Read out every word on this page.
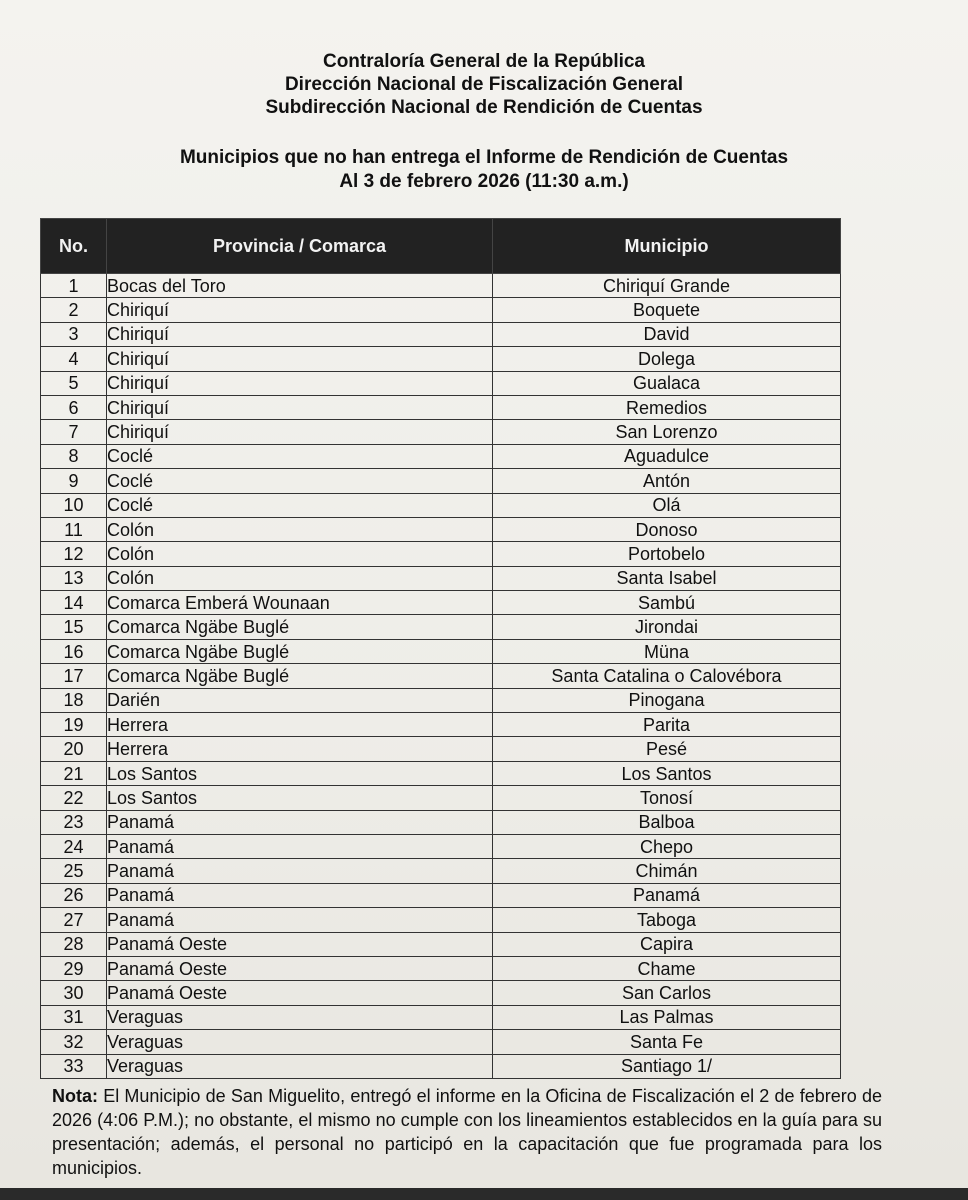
Contraloría General de la República
Dirección Nacional de Fiscalización General
Subdirección Nacional de Rendición de Cuentas
Municipios que no han entrega el Informe de Rendición de Cuentas
Al 3 de febrero 2026 (11:30 a.m.)
No.	Provincia / Comarca	Municipio
1	Bocas del Toro	Chiriquí Grande
2	Chiriquí	Boquete
3	Chiriquí	David
4	Chiriquí	Dolega
5	Chiriquí	Gualaca
6	Chiriquí	Remedios
7	Chiriquí	San Lorenzo
8	Coclé	Aguadulce
9	Coclé	Antón
10	Coclé	Olá
11	Colón	Donoso
12	Colón	Portobelo
13	Colón	Santa Isabel
14	Comarca Emberá Wounaan	Sambú
15	Comarca Ngäbe Buglé	Jirondai
16	Comarca Ngäbe Buglé	Müna
17	Comarca Ngäbe Buglé	Santa Catalina o Calovébora
18	Darién	Pinogana
19	Herrera	Parita
20	Herrera	Pesé
21	Los Santos	Los Santos
22	Los Santos	Tonosí
23	Panamá	Balboa
24	Panamá	Chepo
25	Panamá	Chimán
26	Panamá	Panamá
27	Panamá	Taboga
28	Panamá Oeste	Capira
29	Panamá Oeste	Chame
30	Panamá Oeste	San Carlos
31	Veraguas	Las Palmas
32	Veraguas	Santa Fe
33	Veraguas	Santiago 1/
Nota: El Municipio de San Miguelito, entregó el informe en la Oficina de Fiscalización el 2 de febrero de 2026 (4:06 P.M.); no obstante, el mismo no cumple con los lineamientos establecidos en la guía para su presentación; además, el personal no participó en la capacitación que fue programada para los municipios.
